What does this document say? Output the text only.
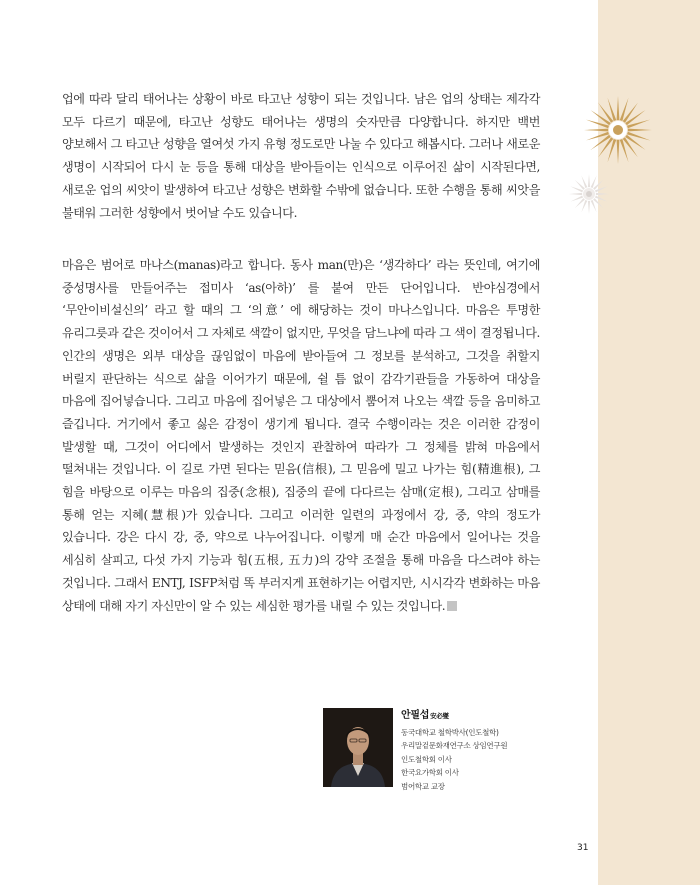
업에 따라 달리 태어나는 상황이 바로 타고난 성향이 되는 것입니다. 남은 업의 상태는 제각각 모두 다르기 때문에, 타고난 성향도 태어나는 생명의 숫자만큼 다양합니다. 하지만 백번 양보해서 그 타고난 성향을 열여섯 가지 유형 정도로만 나눌 수 있다고 해봅시다. 그러나 새로운 생명이 시작되어 다시 눈 등을 통해 대상을 받아들이는 인식으로 이루어진 삶이 시작된다면, 새로운 업의 씨앗이 발생하여 타고난 성향은 변화할 수밖에 없습니다. 또한 수행을 통해 씨앗을 불태워 그러한 성향에서 벗어날 수도 있습니다.

마음은 범어로 마나스(manas)라고 합니다. 동사 man(만)은 ‘생각하다’ 라는 뜻인데, 여기에 중성명사를 만들어주는 접미사 ‘as(아하)’ 를 붙여 만든 단어입니다. 반야심경에서 ‘무안이비설신의’ 라고 할 때의 그 ‘의意’ 에 해당하는 것이 마나스입니다. 마음은 투명한 유리그릇과 같은 것이어서 그 자체로 색깔이 없지만, 무엇을 담느냐에 따라 그 색이 결정됩니다. 인간의 생명은 외부 대상을 끊임없이 마음에 받아들여 그 정보를 분석하고, 그것을 취할지 버릴지 판단하는 식으로 삶을 이어가기 때문에, 쉴 틈 없이 감각기관들을 가동하여 대상을 마음에 집어넣습니다. 그리고 마음에 집어넣은 그 대상에서 뿜어져 나오는 색깔 등을 음미하고 즐깁니다. 거기에서 좋고 싫은 감정이 생기게 됩니다. 결국 수행이라는 것은 이러한 감정이 발생할 때, 그것이 어디에서 발생하는 것인지 관찰하여 따라가 그 정체를 밝혀 마음에서 떨쳐내는 것입니다. 이 길로 가면 된다는 믿음(信根), 그 믿음에 밀고 나가는 힘(精進根), 그 힘을 바탕으로 이루는 마음의 집중(念根), 집중의 끝에 다다르는 삼매(定根), 그리고 삼매를 통해 얻는 지혜(慧根)가 있습니다. 그리고 이러한 일련의 과정에서 강, 중, 약의 정도가 있습니다. 강은 다시 강, 중, 약으로 나누어집니다. 이렇게 매 순간 마음에서 일어나는 것을 세심히 살피고, 다섯 가지 기능과 힘(五根, 五力)의 강약 조절을 통해 마음을 다스려야 하는 것입니다. 그래서 ENTJ, ISFP처럼 똑 부러지게 표현하기는 어렵지만, 시시각각 변화하는 마음 상태에 대해 자기 자신만이 알 수 있는 세심한 평가를 내릴 수 있는 것입니다.

안필섭安必燮
동국대학교 철학박사(인도철학)
우리말겉문화재연구소 상임연구원
인도철학회 이사
한국요가학회 이사
범어학교 교장
31
